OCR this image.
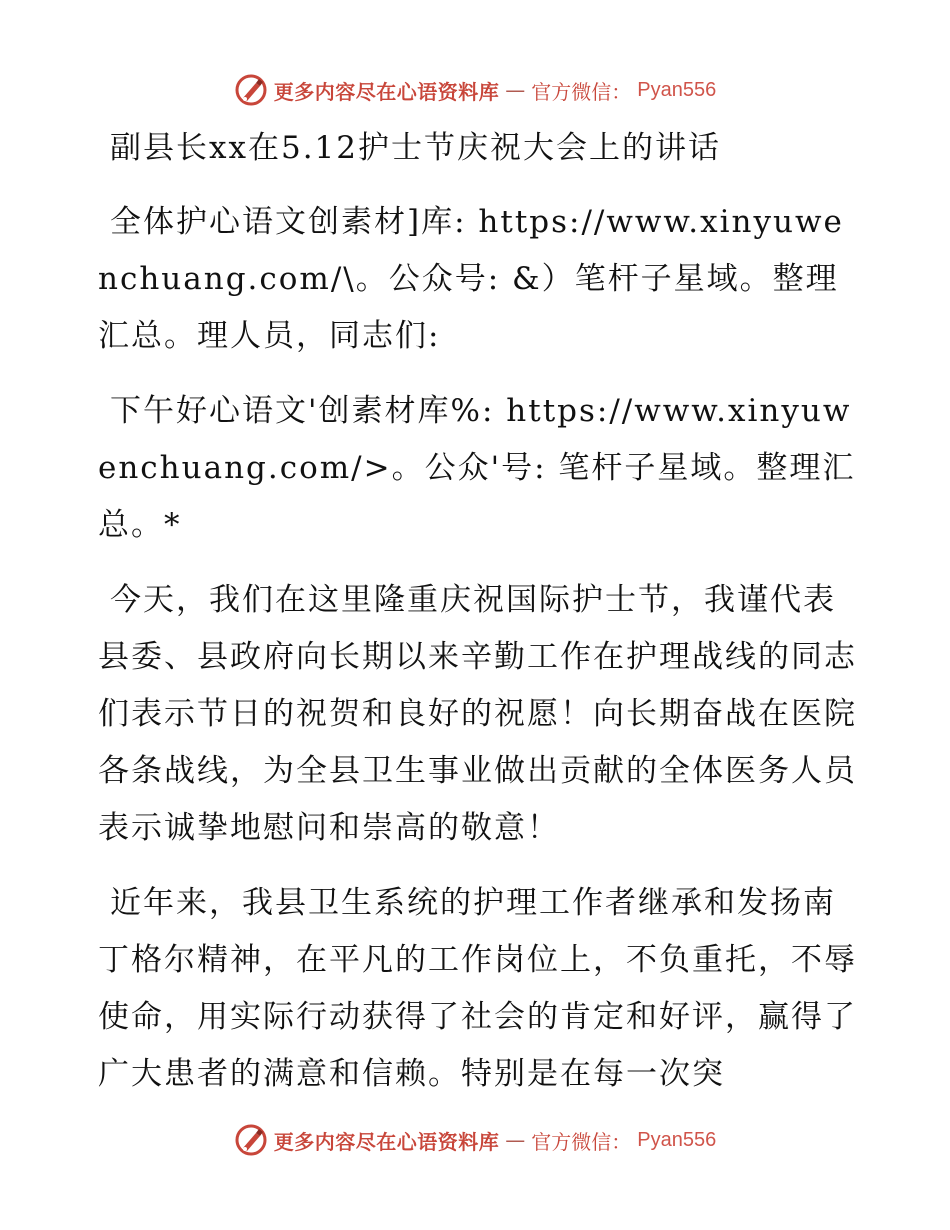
更多内容尽在心语资料库 — 官方微信： Pyan556
副县长xx在5.12护士节庆祝大会上的讲话

全体护心语文创素材]库: https://www.xinyuwenchuang.com/\。公众号: &）笔杆子星域。整理汇总。理人员，同志们:

下午好心语文'创素材库%: https://www.xinyuwenchuang.com/>。公众'号: 笔杆子星域。整理汇总。*

今天，我们在这里隆重庆祝国际护士节，我谨代表县委、县政府向长期以来辛勤工作在护理战线的同志们表示节日的祝贺和良好的祝愿！向长期奋战在医院各条战线，为全县卫生事业做出贡献的全体医务人员表示诚挚地慰问和崇高的敬意！

近年来，我县卫生系统的护理工作者继承和发扬南丁格尔精神，在平凡的工作岗位上，不负重托，不辱使命，用实际行动获得了社会的肯定和好评，赢得了广大患者的满意和信赖。特别是在每一次突

更多内容尽在心语资料库 — 官方微信： Pyan556
